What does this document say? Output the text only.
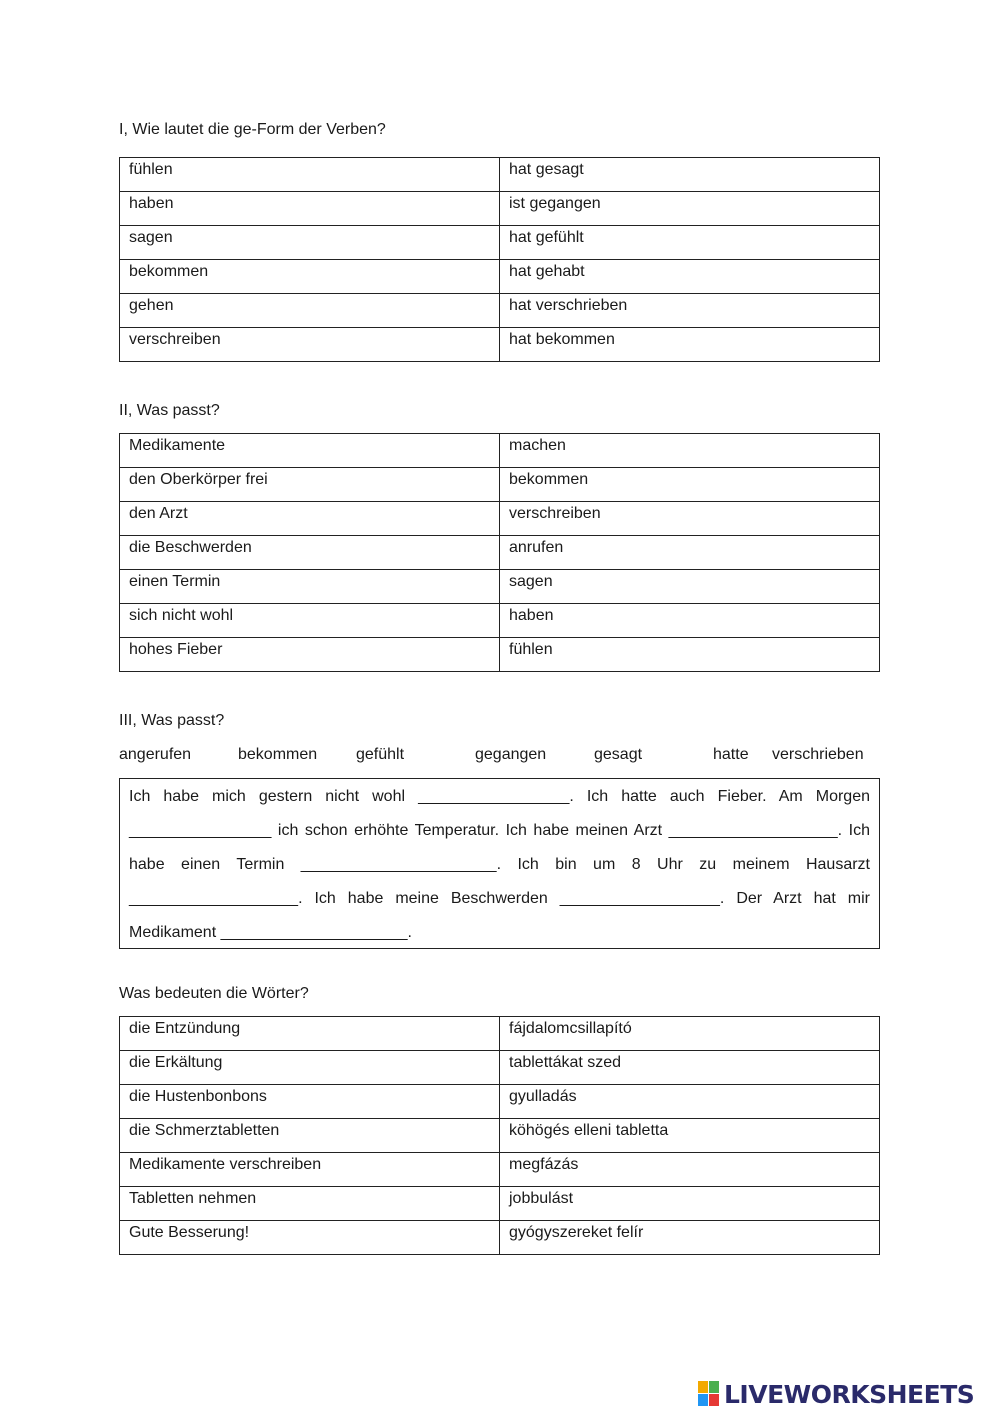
I, Wie lautet die ge-Form der Verben?
fühlen	hat gesagt
haben	ist gegangen
sagen	hat gefühlt
bekommen	hat gehabt
gehen	hat verschrieben
verschreiben	hat bekommen
II, Was passt?
Medikamente	machen
den Oberkörper frei	bekommen
den Arzt	verschreiben
die Beschwerden	anrufen
einen Termin	sagen
sich nicht wohl	haben
hohes Fieber	fühlen
III, Was passt?
angerufen	bekommen gefühlt	gegangen	gesagt	hatte verschrieben
Ich habe mich gestern nicht wohl _________________. Ich hatte auch Fieber. Am Morgen ________________ ich schon erhöhte Temperatur. Ich habe meinen Arzt ___________________. Ich habe einen Termin ______________________. Ich bin um 8 Uhr zu meinem Hausarzt ___________________. Ich habe meine Beschwerden __________________. Der Arzt hat mir Medikament _____________________.
Was bedeuten die Wörter?
die Entzündung	fájdalomcsillapító
die Erkältung	tablettákat szed
die Hustenbonbons	gyulladás
die Schmerztabletten	köhögés elleni tabletta
Medikamente verschreiben	megfázás
Tabletten nehmen	jobbulást
Gute Besserung!	gyógyszereket felír
LIVEWORKSHEETS
